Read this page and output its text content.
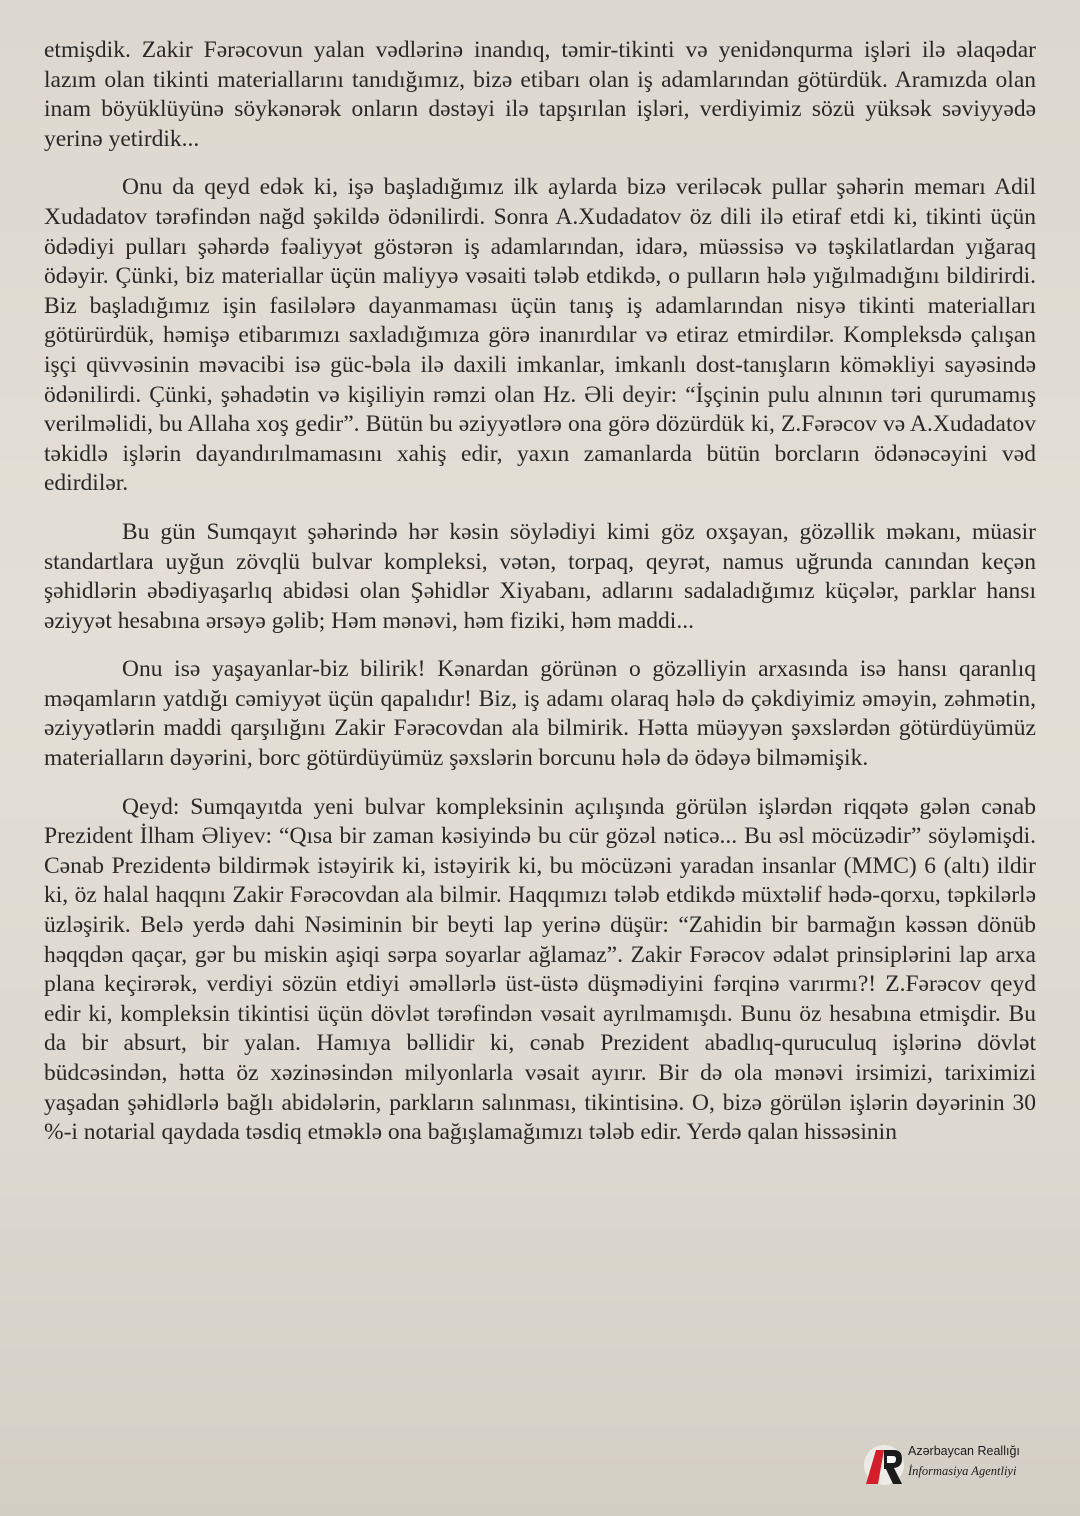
etmişdik. Zakir Fərəcovun yalan vədlərinə inandıq, təmir-tikinti və yenidənqurma işləri ilə əlaqədar lazım olan tikinti materiallarını tanıdığımız, bizə etibarı olan iş adamlarından götürdük. Aramızda olan inam böyüklüyünə söykənərək onların dəstəyi ilə tapşırılan işləri, verdiyimiz sözü yüksək səviyyədə yerinə yetirdik...

Onu da qeyd edək ki, işə başladığımız ilk aylarda bizə veriləcək pullar şəhərin memarı Adil Xudadatov tərəfindən nağd şəkildə ödənilirdi. Sonra A.Xudadatov öz dili ilə etiraf etdi ki, tikinti üçün ödədiyi pulları şəhərdə fəaliyyət göstərən iş adamlarından, idarə, müəssisə və təşkilatlardan yığaraq ödəyir. Çünki, biz materiallar üçün maliyyə vəsaiti tələb etdikdə, o pulların hələ yığılmadığını bildirirdi. Biz başladığımız işin fasilələrə dayanmaması üçün tanış iş adamlarından nisyə tikinti materialları götürürdük, həmişə etibarımızı saxladığımıza görə inanırdılar və etiraz etmirdilər. Kompleksdə çalışan işçi qüvvəsinin məvacibi isə güc-bəla ilə daxili imkanlar, imkanlı dost-tanışların köməkliyi sayəsində ödənilirdi. Çünki, şəhadətin və kişiliyin rəmzi olan Hz. Əli deyir: “İşçinin pulu alnının təri qurumamış verilməlidi, bu Allaha xoş gedir”. Bütün bu əziyyətlərə ona görə dözürdük ki, Z.Fərəcov və A.Xudadatov təkidlə işlərin dayandırılmamasını xahiş edir, yaxın zamanlarda bütün borcların ödənəcəyini vəd edirdilər.

Bu gün Sumqayıt şəhərində hər kəsin söylədiyi kimi göz oxşayan, gözəllik məkanı, müasir standartlara uyğun zövqlü bulvar kompleksi, vətən, torpaq, qeyrət, namus uğrunda canından keçən şəhidlərin əbədiyaşarlıq abidəsi olan Şəhidlər Xiyabanı, adlarını sadaladığımız küçələr, parklar hansı əziyyət hesabına ərsəyə gəlib; Həm mənəvi, həm fiziki, həm maddi...

Onu isə yaşayanlar-biz bilirik! Kənardan görünən o gözəlliyin arxasında isə hansı qaranlıq məqamların yatdığı cəmiyyət üçün qapalıdır! Biz, iş adamı olaraq hələ də çəkdiyimiz əməyin, zəhmətin, əziyyətlərin maddi qarşılığını Zakir Fərəcovdan ala bilmirik. Hətta müəyyən şəxslərdən götürdüyümüz materialların dəyərini, borc götürdüyümüz şəxslərin borcunu hələ də ödəyə bilməmişik.

Qeyd: Sumqayıtda yeni bulvar kompleksinin açılışında görülən işlərdən riqqətə gələn cənab Prezident İlham Əliyev: “Qısa bir zaman kəsiyində bu cür gözəl nəticə... Bu əsl möcüzədir” söyləmişdi. Cənab Prezidentə bildirmək istəyirik ki, istəyirik ki, bu möcüzəni yaradan insanlar (MMC) 6 (altı) ildir ki, öz halal haqqını Zakir Fərəcovdan ala bilmir. Haqqımızı tələb etdikdə müxtəlif hədə-qorxu, təpkilərlə üzləşirik. Belə yerdə dahi Nəsiminin bir beyti lap yerinə düşür: “Zahidin bir barmağın kəssən dönüb həqqdən qaçar, gər bu miskin aşiqi sərpa soyarlar ağlamaz”. Zakir Fərəcov ədalət prinsiplərini lap arxa plana keçirərək, verdiyi sözün etdiyi əməllərlə üst-üstə düşmədiyini fərqinə varırmı?! Z.Fərəcov qeyd edir ki, kompleksin tikintisi üçün dövlət tərəfindən vəsait ayrılmamışdı. Bunu öz hesabına etmişdir. Bu da bir absurt, bir yalan. Hamıya bəllidir ki, cənab Prezident abadlıq-quruculuq işlərinə dövlət büdcəsindən, hətta öz xəzinəsindən milyonlarla vəsait ayırır. Bir də ola mənəvi irsimizi, tariximizi yaşadan şəhidlərlə bağlı abidələrin, parkların salınması, tikintisinə. O, bizə görülən işlərin dəyərinin 30 %-i notarial qaydada təsdiq etməklə ona bağışlamağımızı tələb edir. Yerdə qalan hissəsinin

Azərbaycan Reallığı
İnformasiya Agentliyi
